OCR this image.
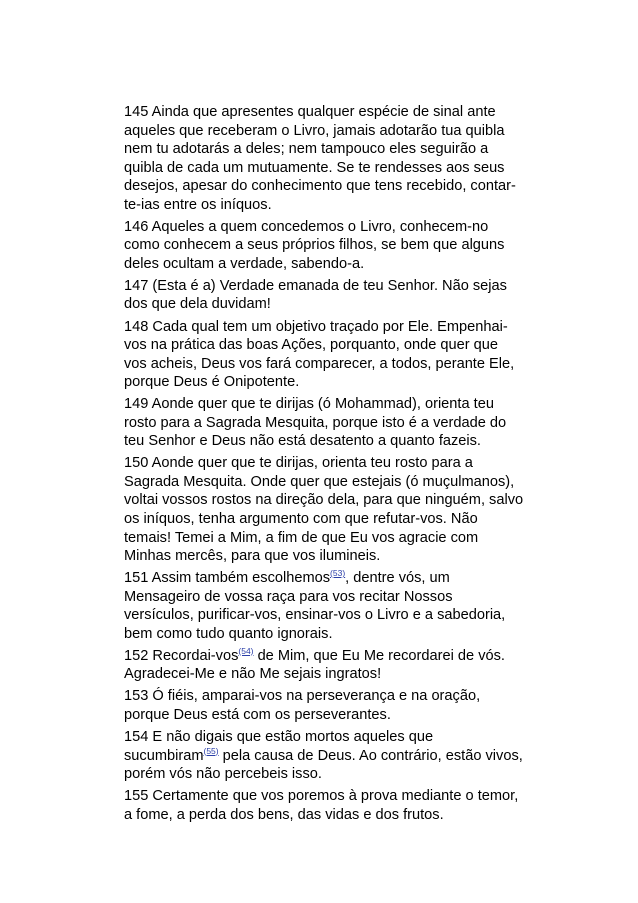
145 Ainda que apresentes qualquer espécie de sinal ante aqueles que receberam o Livro, jamais adotarão tua quibla nem tu adotarás a deles; nem tampouco eles seguirão a quibla de cada um mutuamente. Se te rendesses aos seus desejos, apesar do conhecimento que tens recebido, contar-te-ias entre os iníquos.

146 Aqueles a quem concedemos o Livro, conhecem-no como conhecem a seus próprios filhos, se bem que alguns deles ocultam a verdade, sabendo-a.

147 (Esta é a) Verdade emanada de teu Senhor. Não sejas dos que dela duvidam!

148 Cada qual tem um objetivo traçado por Ele. Empenhai-vos na prática das boas Ações, porquanto, onde quer que vos acheis, Deus vos fará comparecer, a todos, perante Ele, porque Deus é Onipotente.

149 Aonde quer que te dirijas (ó Mohammad), orienta teu rosto para a Sagrada Mesquita, porque isto é a verdade do teu Senhor e Deus não está desatento a quanto fazeis.

150 Aonde quer que te dirijas, orienta teu rosto para a Sagrada Mesquita. Onde quer que estejais (ó muçulmanos), voltai vossos rostos na direção dela, para que ninguém, salvo os iníquos, tenha argumento com que refutar-vos. Não temais! Temei a Mim, a fim de que Eu vos agracie com Minhas mercês, para que vos ilumineis.

151 Assim também escolhemos$^{(53)}$, dentre vós, um Mensageiro de vossa raça para vos recitar Nossos versículos, purificar-vos, ensinar-vos o Livro e a sabedoria, bem como tudo quanto ignorais.

152 Recordai-vos$^{(54)}$ de Mim, que Eu Me recordarei de vós. Agradecei-Me e não Me sejais ingratos!

153 Ó fiéis, amparai-vos na perseverança e na oração, porque Deus está com os perseverantes.

154 E não digais que estão mortos aqueles que sucumbiram$^{(55)}$ pela causa de Deus. Ao contrário, estão vivos, porém vós não percebeis isso.

155 Certamente que vos poremos à prova mediante o temor, a fome, a perda dos bens, das vidas e dos frutos.
